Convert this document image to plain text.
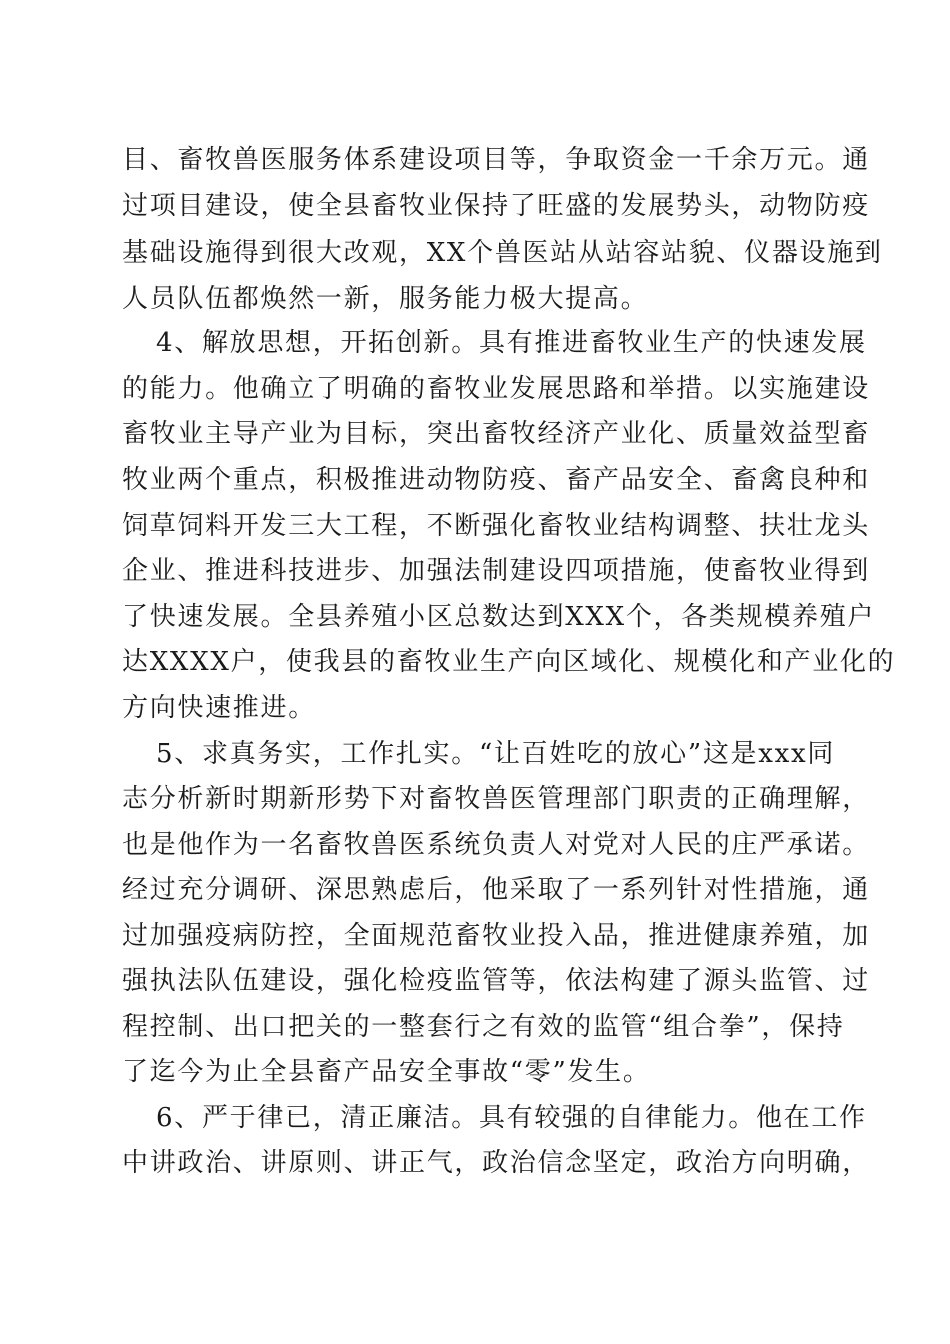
目、畜牧兽医服务体系建设项目等，争取资金一千余万元。通
过项目建设，使全县畜牧业保持了旺盛的发展势头，动物防疫
基础设施得到很大改观，XX个兽医站从站容站貌、仪器设施到
人员队伍都焕然一新，服务能力极大提高。
4、解放思想，开拓创新。具有推进畜牧业生产的快速发展
的能力。他确立了明确的畜牧业发展思路和举措。以实施建设
畜牧业主导产业为目标，突出畜牧经济产业化、质量效益型畜
牧业两个重点，积极推进动物防疫、畜产品安全、畜禽良种和
饲草饲料开发三大工程，不断强化畜牧业结构调整、扶壮龙头
企业、推进科技进步、加强法制建设四项措施，使畜牧业得到
了快速发展。全县养殖小区总数达到XXX个，各类规模养殖户
达XXXX户，使我县的畜牧业生产向区域化、规模化和产业化的
方向快速推进。
5、求真务实，工作扎实。“让百姓吃的放心”这是xxx同
志分析新时期新形势下对畜牧兽医管理部门职责的正确理解，
也是他作为一名畜牧兽医系统负责人对党对人民的庄严承诺。
经过充分调研、深思熟虑后，他采取了一系列针对性措施，通
过加强疫病防控，全面规范畜牧业投入品，推进健康养殖，加
强执法队伍建设，强化检疫监管等，依法构建了源头监管、过
程控制、出口把关的一整套行之有效的监管“组合拳”，保持
了迄今为止全县畜产品安全事故“零”发生。
6、严于律已，清正廉洁。具有较强的自律能力。他在工作
中讲政治、讲原则、讲正气，政治信念坚定，政治方向明确，
